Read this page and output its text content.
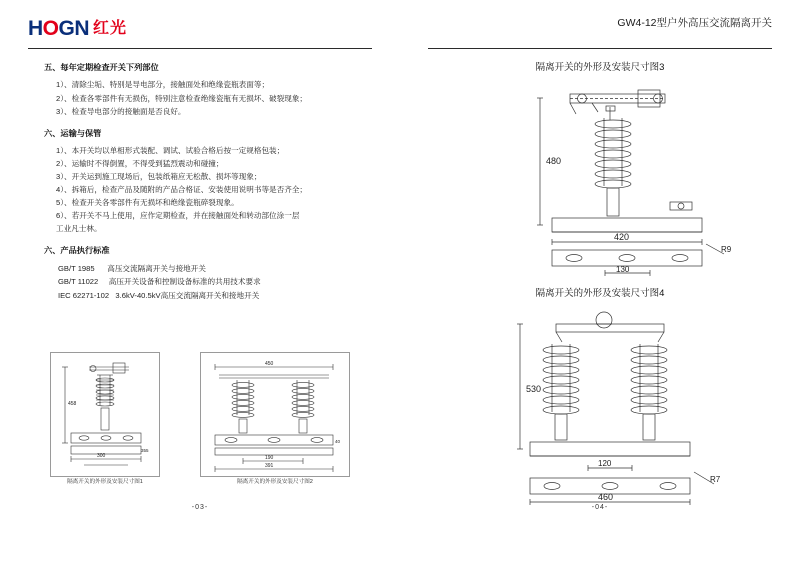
HOGN 红光

五、每年定期检查开关下列部位

1）、清除尘垢、特别是导电部分，接触面处和绝缘瓷瓶表面等；

2）、检查各零部件有无损伤，特别注意检查绝缘瓷瓶有无损坏、破裂现象；

3）、检查导电部分的接触面是否良好。

六、运输与保管

1）、本开关均以单相形式装配、调试、试验合格后按一定规格包装；

2）、运输时不得倒置，不得受到猛烈震动和碰撞；

3）、开关运到施工现场后，包装纸箱应无松散、损坏等现象；

4）、拆箱后，检查产品及随附的产品合格证、安装使用说明书等是否齐全；

5）、检查开关各零部件有无损坏和绝缘瓷瓶碎裂现象。

6）、若开关不马上使用，应作定期检查，并在接触面处和转动部位涂一层

工业凡士林。

六、产品执行标准

GB/T 1985      高压交流隔离开关与接地开关

GB/T 11022     高压开关设备和控制设备标准的共用技术要求

IEC 62271-102   3.6kV-40.5kV高压交流隔离开关和接地开关

458
300
355
隔离开关的外形及安装尺寸图1
450
190
391
40
隔离开关的外形及安装尺寸图2
-03-
GW4-12型户外高压交流隔离开关
隔离开关的外形及安装尺寸图3
480
420
130
R9
隔离开关的外形及安装尺寸图4
530
120
460
R7
-04-
